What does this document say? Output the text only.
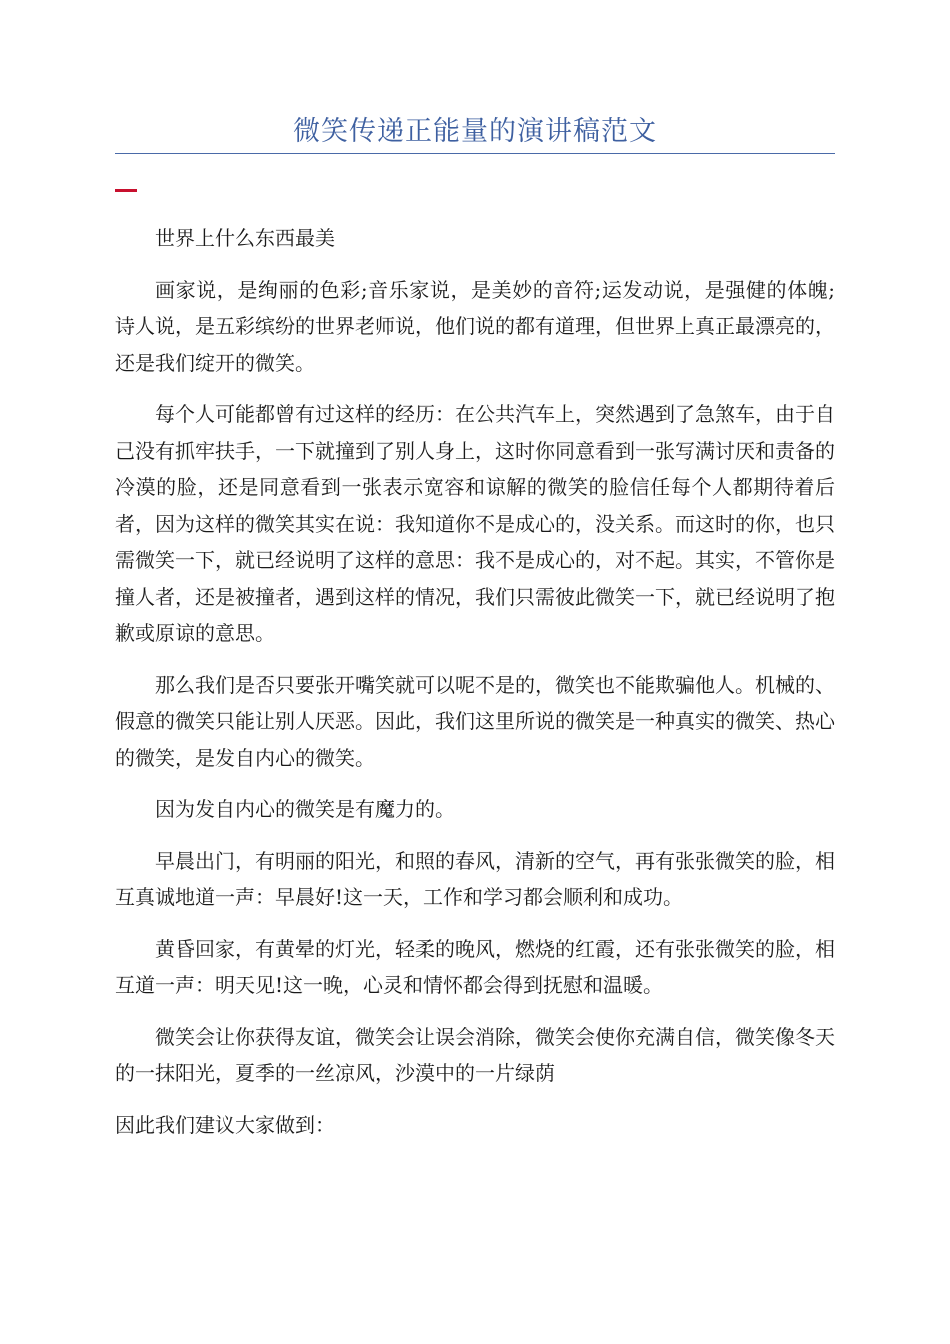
微笑传递正能量的演讲稿范文

世界上什么东西最美

画家说，是绚丽的色彩;音乐家说，是美妙的音符;运发动说，是强健的体魄;诗人说，是五彩缤纷的世界老师说，他们说的都有道理，但世界上真正最漂亮的，还是我们绽开的微笑。

每个人可能都曾有过这样的经历：在公共汽车上，突然遇到了急煞车，由于自己没有抓牢扶手，一下就撞到了别人身上，这时你同意看到一张写满讨厌和责备的冷漠的脸，还是同意看到一张表示宽容和谅解的微笑的脸信任每个人都期待着后者，因为这样的微笑其实在说：我知道你不是成心的，没关系。而这时的你，也只需微笑一下，就已经说明了这样的意思：我不是成心的，对不起。其实，不管你是撞人者，还是被撞者，遇到这样的情况，我们只需彼此微笑一下，就已经说明了抱歉或原谅的意思。

那么我们是否只要张开嘴笑就可以呢不是的，微笑也不能欺骗他人。机械的、假意的微笑只能让别人厌恶。因此，我们这里所说的微笑是一种真实的微笑、热心的微笑，是发自内心的微笑。

因为发自内心的微笑是有魔力的。

早晨出门，有明丽的阳光，和照的春风，清新的空气，再有张张微笑的脸，相互真诚地道一声：早晨好!这一天，工作和学习都会顺利和成功。

黄昏回家，有黄晕的灯光，轻柔的晚风，燃烧的红霞，还有张张微笑的脸，相互道一声：明天见!这一晚，心灵和情怀都会得到抚慰和温暖。

微笑会让你获得友谊，微笑会让误会消除，微笑会使你充满自信，微笑像冬天的一抹阳光，夏季的一丝凉风，沙漠中的一片绿荫

因此我们建议大家做到：
